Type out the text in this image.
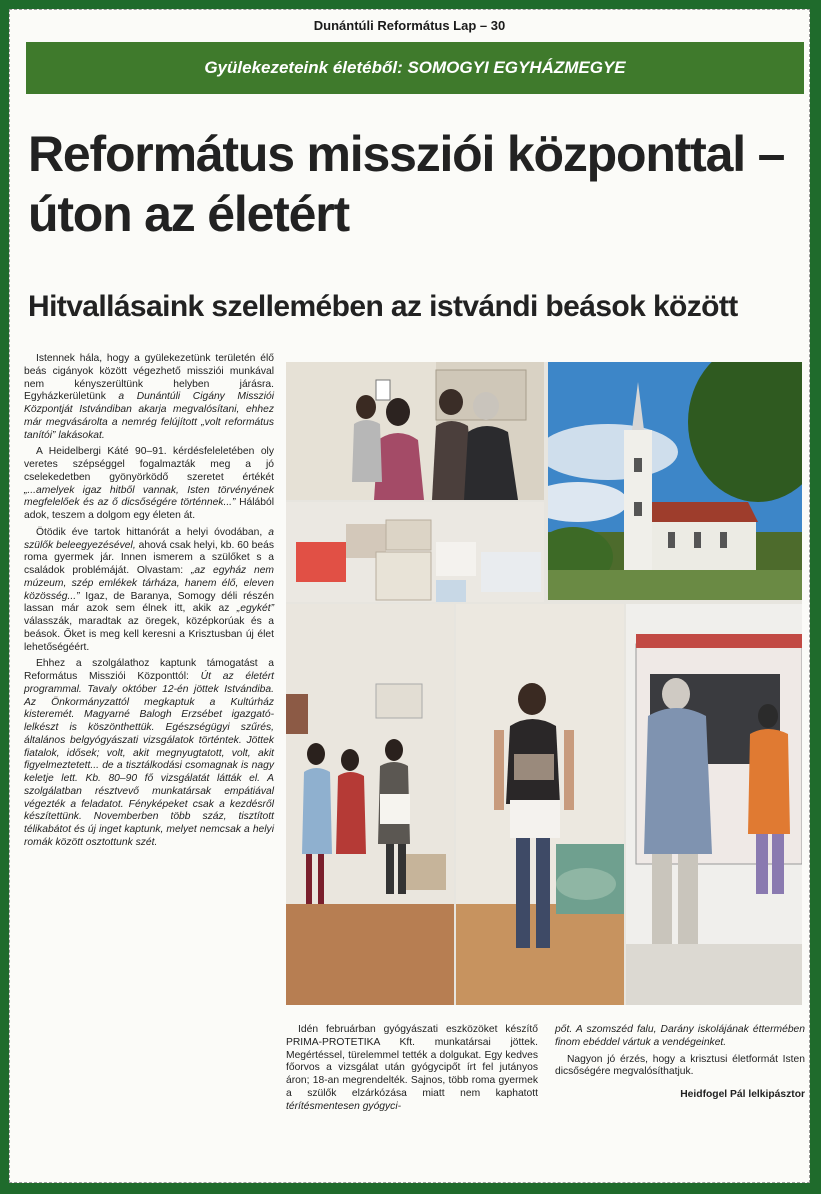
Dunántúli Református Lap – 30
Gyülekezeteink életéből: SOMOGYI EGYHÁZMEGYE
Református missziói központtal – úton az életért
Hitvallásaink szellemében az istvándi beások között

Istennek hála, hogy a gyülekezetünk területén élő beás cigányok között végezhető missziói munkával nem kényszerültünk helyben járásra. Egyházkerületünk a Dunántúli Cigány Missziói Központját Istvándiban akarja megvalósítani, ehhez már megvásárolta a nemrég felújított „volt református tanítói” lakásokat.

A Heidelbergi Káté 90–91. kérdésfeleletében oly veretes szépséggel fogalmazták meg a jó cselekedetben gyönyörködő szeretet értékét „...amelyek igaz hitből vannak, Isten törvényének megfelelőek és az ő dicsőségére történnek...” Hálából adok, teszem a dolgom egy életen át.

Ötödik éve tartok hittanórát a helyi óvodában, a szülők beleegyezésével, ahová csak helyi, kb. 60 beás roma gyermek jár. Innen ismerem a szülőket s a családok problémáját. Olvastam: „az egyház nem múzeum, szép emlékek tárháza, hanem élő, eleven közösség...” Igaz, de Baranya, Somogy déli részén lassan már azok sem élnek itt, akik az „egykét” válasszák, maradtak az öregek, középkorúak és a beások. Őket is meg kell keresni a Krisztusban új élet lehetőségéért.

Ehhez a szolgálathoz kaptunk támogatást a Református Missziói Központtól: Út az életért programmal. Tavaly október 12-én jöttek Istvándiba. Az Önkormányzattól megkaptuk a Kultúrház kisteremét. Magyarné Balogh Erzsébet igazgató-lelkészt is köszönthettük. Egészségügyi szűrés, általános belgyógyászati vizsgálatok történtek. Jöttek fiatalok, idősek; volt, akit megnyugtatott, volt, akit figyelmeztetett... de a tisztálkodási csomagnak is nagy keletje lett. Kb. 80–90 fő vizsgálatát látták el. A szolgálatban résztvevő munkatársak empátiával végezték a feladatot. Fényképeket csak a kezdésről készítettünk. Novemberben több száz, tisztított télikabátot és új inget kaptunk, melyet nemcsak a helyi romák között osztottunk szét.

Idén februárban gyógyászati eszközöket készítő PRIMA-PROTETIKA Kft. munkatársai jöttek. Megértéssel, türelemmel tették a dolgukat. Egy kedves főorvos a vizsgálat után gyógycipőt írt fel jutányos áron; 18-an megrendelték. Sajnos, több roma gyermek a szülők elzárkózása miatt nem kaphatott térítésmentesen gyógyci-

pőt. A szomszéd falu, Darány iskolájának éttermében finom ebéddel vártuk a vendégeinket.

Nagyon jó érzés, hogy a krisztusi életformát Isten dicsőségére megvalósíthatjuk.

Heidfogel Pál lelkipásztor
